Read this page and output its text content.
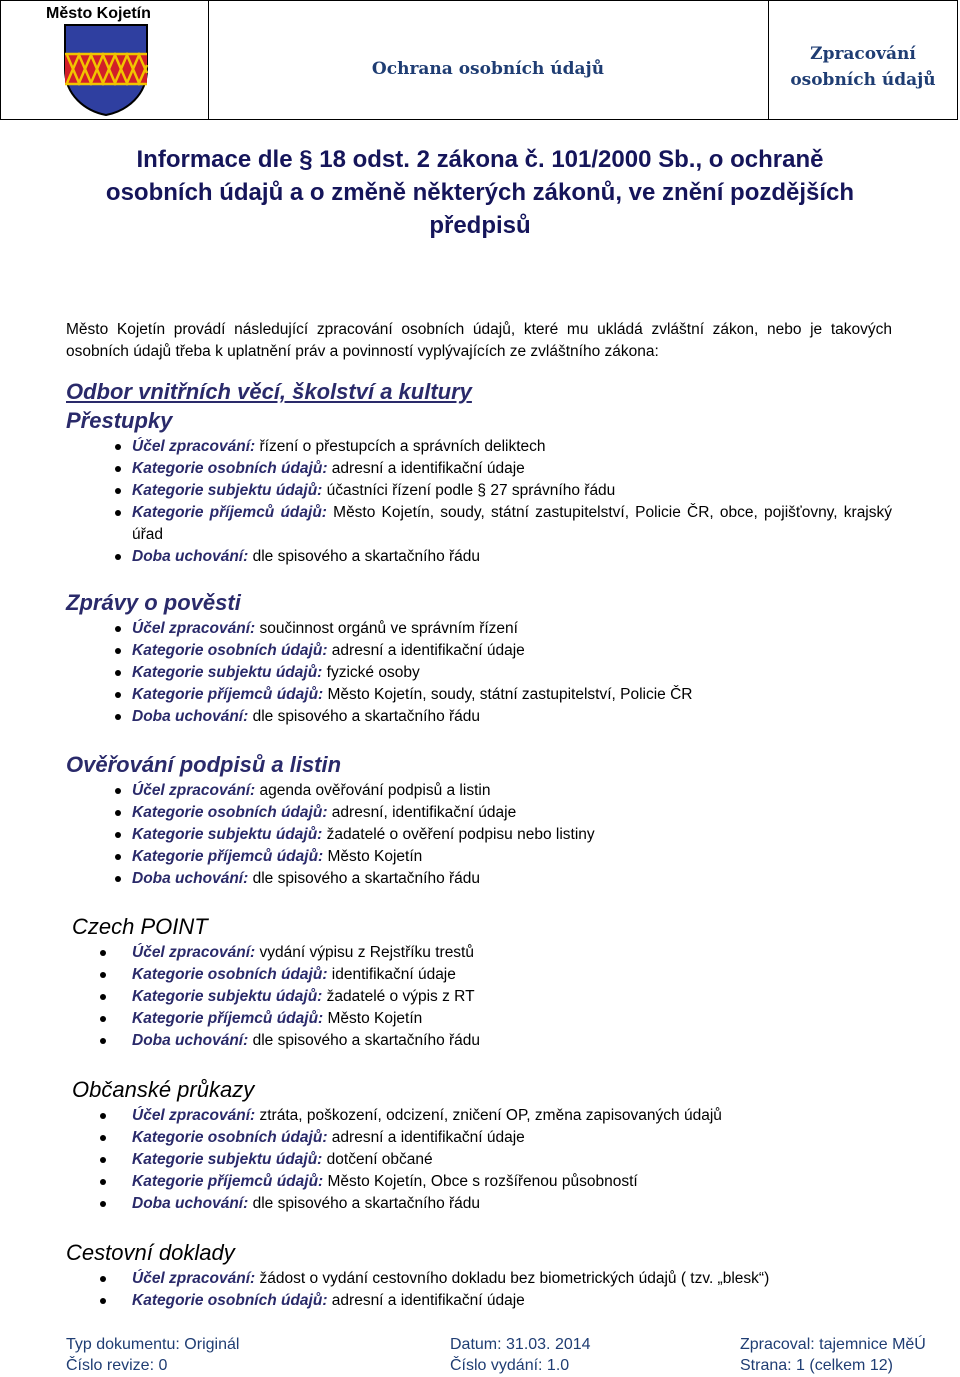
Město Kojetín
Ochrana osobních údajů
Zpracování
osobních údajů
Informace dle § 18 odst. 2 zákona č. 101/2000 Sb., o ochraně
osobních údajů a o změně některých zákonů, ve znění pozdějších
předpisů
Město Kojetín provádí následující zpracování osobních údajů, které mu ukládá zvláštní zákon, nebo je takových osobních údajů třeba k uplatnění práv a povinností vyplývajících ze zvláštního zákona:
Odbor vnitřních věcí, školství a kultury
Přestupky
Zprávy o pověsti
Ověřování podpisů a listin
Czech POINT
Občanské průkazy
Cestovní doklady
Účel zpracování: řízení o přestupcích a správních deliktech
Kategorie osobních údajů: adresní a identifikační údaje
Kategorie subjektu údajů: účastníci řízení podle § 27 správního řádu
Kategorie příjemců údajů: Město Kojetín, soudy, státní zastupitelství, Policie ČR, obce, pojišťovny, krajský úřad
Doba uchování: dle spisového a skartačního řádu
Účel zpracování: součinnost orgánů ve správním řízení
Kategorie osobních údajů: adresní a identifikační údaje
Kategorie subjektu údajů: fyzické osoby
Kategorie příjemců údajů: Město Kojetín, soudy, státní zastupitelství, Policie ČR
Doba uchování: dle spisového a skartačního řádu
Účel zpracování: agenda ověřování podpisů a listin
Kategorie osobních údajů: adresní, identifikační údaje
Kategorie subjektu údajů: žadatelé o ověření podpisu nebo listiny
Kategorie příjemců údajů: Město Kojetín
Doba uchování: dle spisového a skartačního řádu
Účel zpracování: vydání výpisu z Rejstříku trestů
Kategorie osobních údajů: identifikační údaje
Kategorie subjektu údajů: žadatelé o výpis z RT
Kategorie příjemců údajů: Město Kojetín
Doba uchování: dle spisového a skartačního řádu
Účel zpracování: ztráta, poškození, odcizení, zničení OP, změna zapisovaných údajů
Kategorie osobních údajů: adresní a identifikační údaje
Kategorie subjektu údajů: dotčení občané
Kategorie příjemců údajů: Město Kojetín, Obce s rozšířenou působností
Doba uchování: dle spisového a skartačního řádu
Účel zpracování: žádost o vydání cestovního dokladu bez biometrických údajů ( tzv. „blesk“)
Kategorie osobních údajů: adresní a identifikační údaje
Typ dokumentu: Originál	Datum: 31.03. 2014	Zpracoval: tajemnice MěÚ
Číslo revize: 0	Číslo vydání: 1.0	Strana: 1 (celkem 12)
